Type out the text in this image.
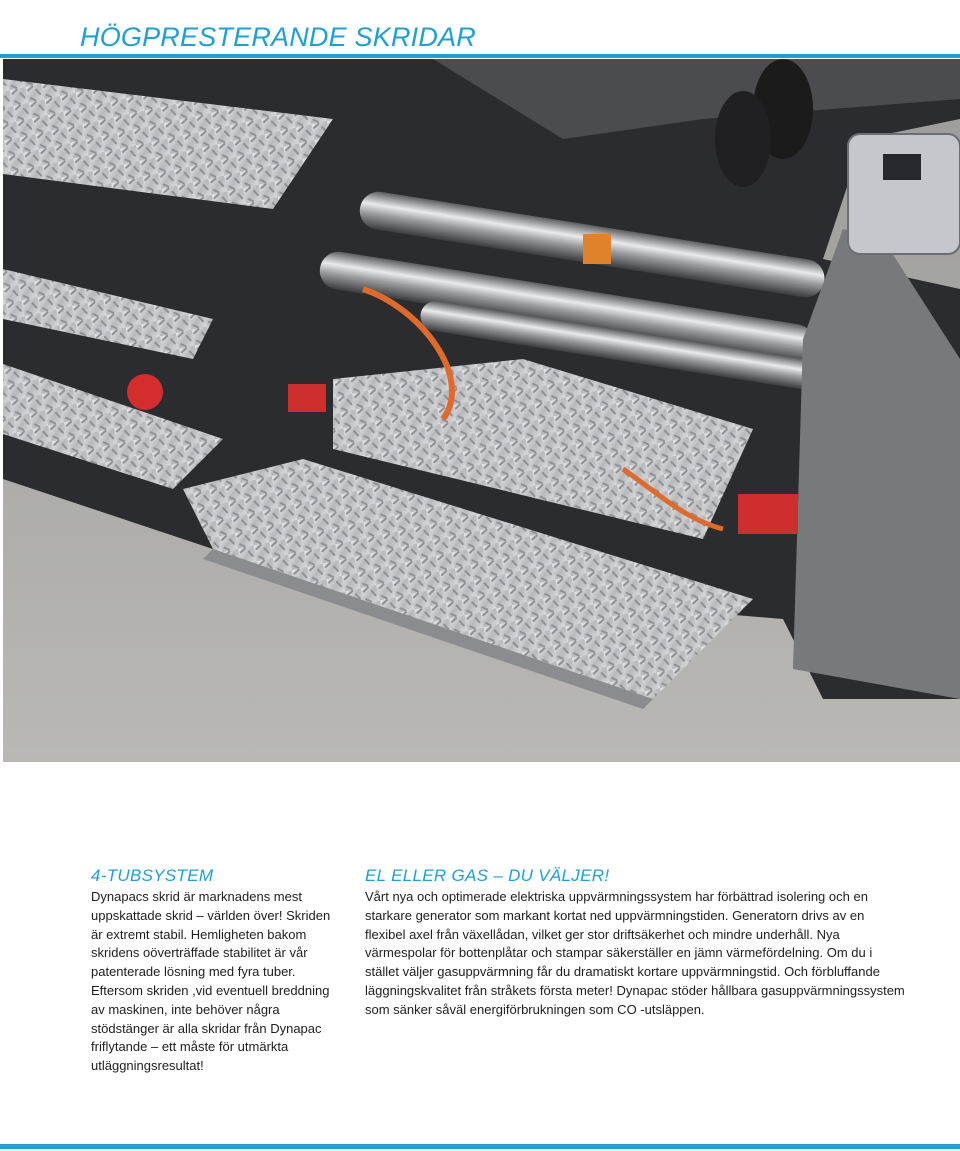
HÖGPRESTERANDE SKRIDAR
4-TUBSYSTEM

Dynapacs skrid är marknadens mest uppskattade skrid – världen över! Skriden är extremt stabil. Hemligheten bakom skridens oöverträffade stabilitet är vår patenterade lösning med fyra tuber. Eftersom skriden ,vid eventuell breddning av maskinen, inte behöver några stödstänger är alla skridar från Dynapac friflytande – ett måste för utmärkta utläggningsresultat!

EL ELLER GAS – DU VÄLJER!

Vårt nya och optimerade elektriska uppvärmningssystem har förbättrad isolering och en starkare generator som markant kortat ned uppvärmningstiden. Generatorn drivs av en flexibel axel från växellådan, vilket ger stor driftsäkerhet och mindre underhåll. Nya värmespolar för bottenplåtar och stampar säkerställer en jämn värmefördelning. Om du i stället väljer gasuppvärmning får du dramatiskt kortare uppvärmningstid. Och förbluffande läggningskvalitet från stråkets första meter! Dynapac stöder hållbara gasuppvärmningssystem som sänker såväl energiförbrukningen som CO -utsläppen.
